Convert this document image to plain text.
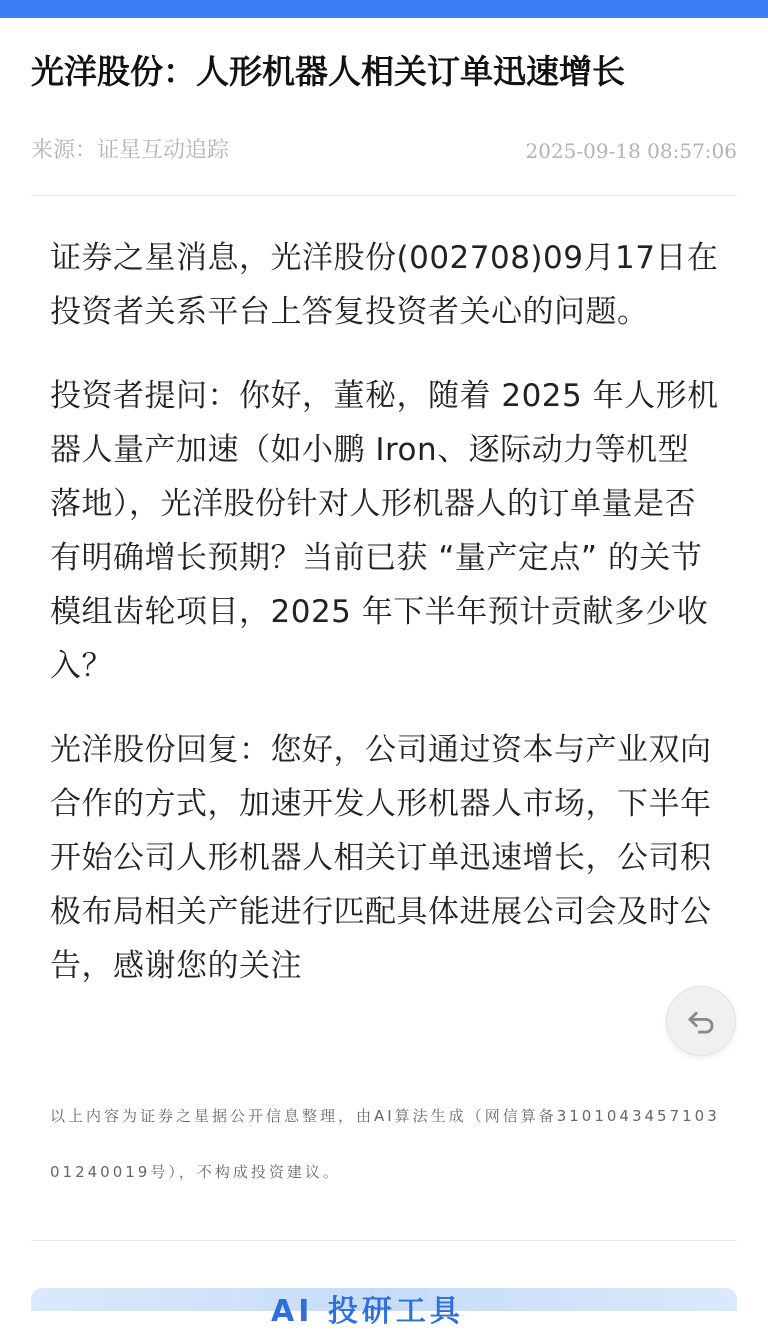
光洋股份：人形机器人相关订单迅速增长
来源：证星互动追踪	2025-09-18 08:57:06

证券之星消息，光洋股份(002708)09月17日在投资者关系平台上答复投资者关心的问题。

投资者提问：你好，董秘，随着 2025 年人形机器人量产加速（如小鹏 Iron、逐际动力等机型落地），光洋股份针对人形机器人的订单量是否有明确增长预期？当前已获 “量产定点” 的关节模组齿轮项目，2025 年下半年预计贡献多少收入？

光洋股份回复：您好，公司通过资本与产业双向合作的方式，加速开发人形机器人市场，下半年开始公司人形机器人相关订单迅速增长，公司积极布局相关产能进行匹配具体进展公司会及时公告，感谢您的关注

以上内容为证券之星据公开信息整理，由AI算法生成（网信算备310104345710301240019号），不构成投资建议。

AI 投研工具
